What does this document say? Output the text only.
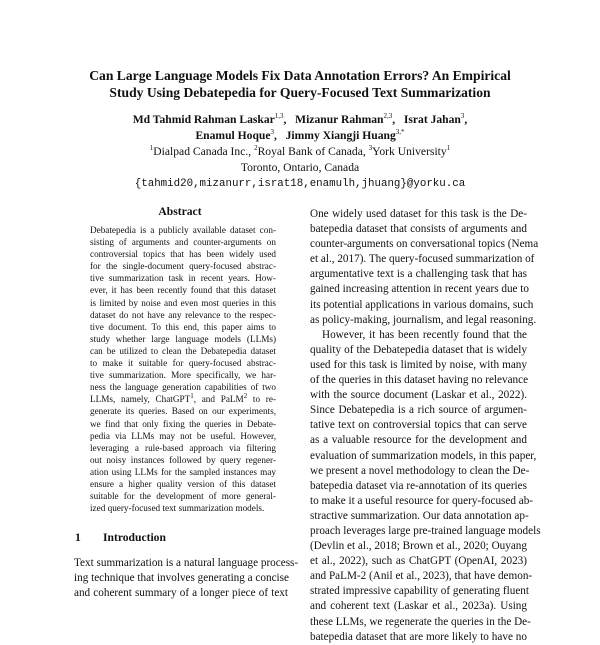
Can Large Language Models Fix Data Annotation Errors? An Empirical
Study Using Debatepedia for Query-Focused Text Summarization
Md Tahmid Rahman Laskar$^{1,3}$, Mizanur Rahman$^{2,3}$, Israt Jahan$^3$,
Enamul Hoque$^3$, Jimmy Xiangji Huang$^{3,*}$
$^1$Dialpad Canada Inc., $^2$Royal Bank of Canada, $^3$York University$^1$
Toronto, Ontario, Canada
{tahmid20,mizanurr,israt18,enamulh,jhuang}@yorku.ca
Abstract
Debatepedia is a publicly available dataset con-
sisting of arguments and counter-arguments on
controversial topics that has been widely used
for the single-document query-focused abstrac-
tive summarization task in recent years. How-
ever, it has been recently found that this dataset
is limited by noise and even most queries in this
dataset do not have any relevance to the respec-
tive document. To this end, this paper aims to
study whether large language models (LLMs)
can be utilized to clean the Debatepedia dataset
to make it suitable for query-focused abstrac-
tive summarization. More specifically, we har-
ness the language generation capabilities of two
LLMs, namely, ChatGPT$^1$, and PaLM$^2$ to re-
generate its queries. Based on our experiments,
we find that only fixing the queries in Debate-
pedia via LLMs may not be useful. However,
leveraging a rule-based approach via filtering
out noisy instances followed by query regener-
ation using LLMs for the sampled instances may
ensure a higher quality version of this dataset
suitable for the development of more general-
ized query-focused text summarization models.
1 Introduction
Text summarization is a natural language process-
ing technique that involves generating a concise
and coherent summary of a longer piece of text
One widely used dataset for this task is the De-
batepedia dataset that consists of arguments and
counter-arguments on conversational topics (Nema
et al., 2017). The query-focused summarization of
argumentative text is a challenging task that has
gained increasing attention in recent years due to
its potential applications in various domains, such
as policy-making, journalism, and legal reasoning.
However, it has been recently found that the
quality of the Debatepedia dataset that is widely
used for this task is limited by noise, with many
of the queries in this dataset having no relevance
with the source document (Laskar et al., 2022).
Since Debatepedia is a rich source of argumen-
tative text on controversial topics that can serve
as a valuable resource for the development and
evaluation of summarization models, in this paper,
we present a novel methodology to clean the De-
batepedia dataset via re-annotation of its queries
to make it a useful resource for query-focused ab-
stractive summarization. Our data annotation ap-
proach leverages large pre-trained language models
(Devlin et al., 2018; Brown et al., 2020; Ouyang
et al., 2022), such as ChatGPT (OpenAI, 2023)
and PaLM-2 (Anil et al., 2023), that have demon-
strated impressive capability of generating fluent
and coherent text (Laskar et al., 2023a). Using
these LLMs, we regenerate the queries in the De-
batepedia dataset that are more likely to have no
